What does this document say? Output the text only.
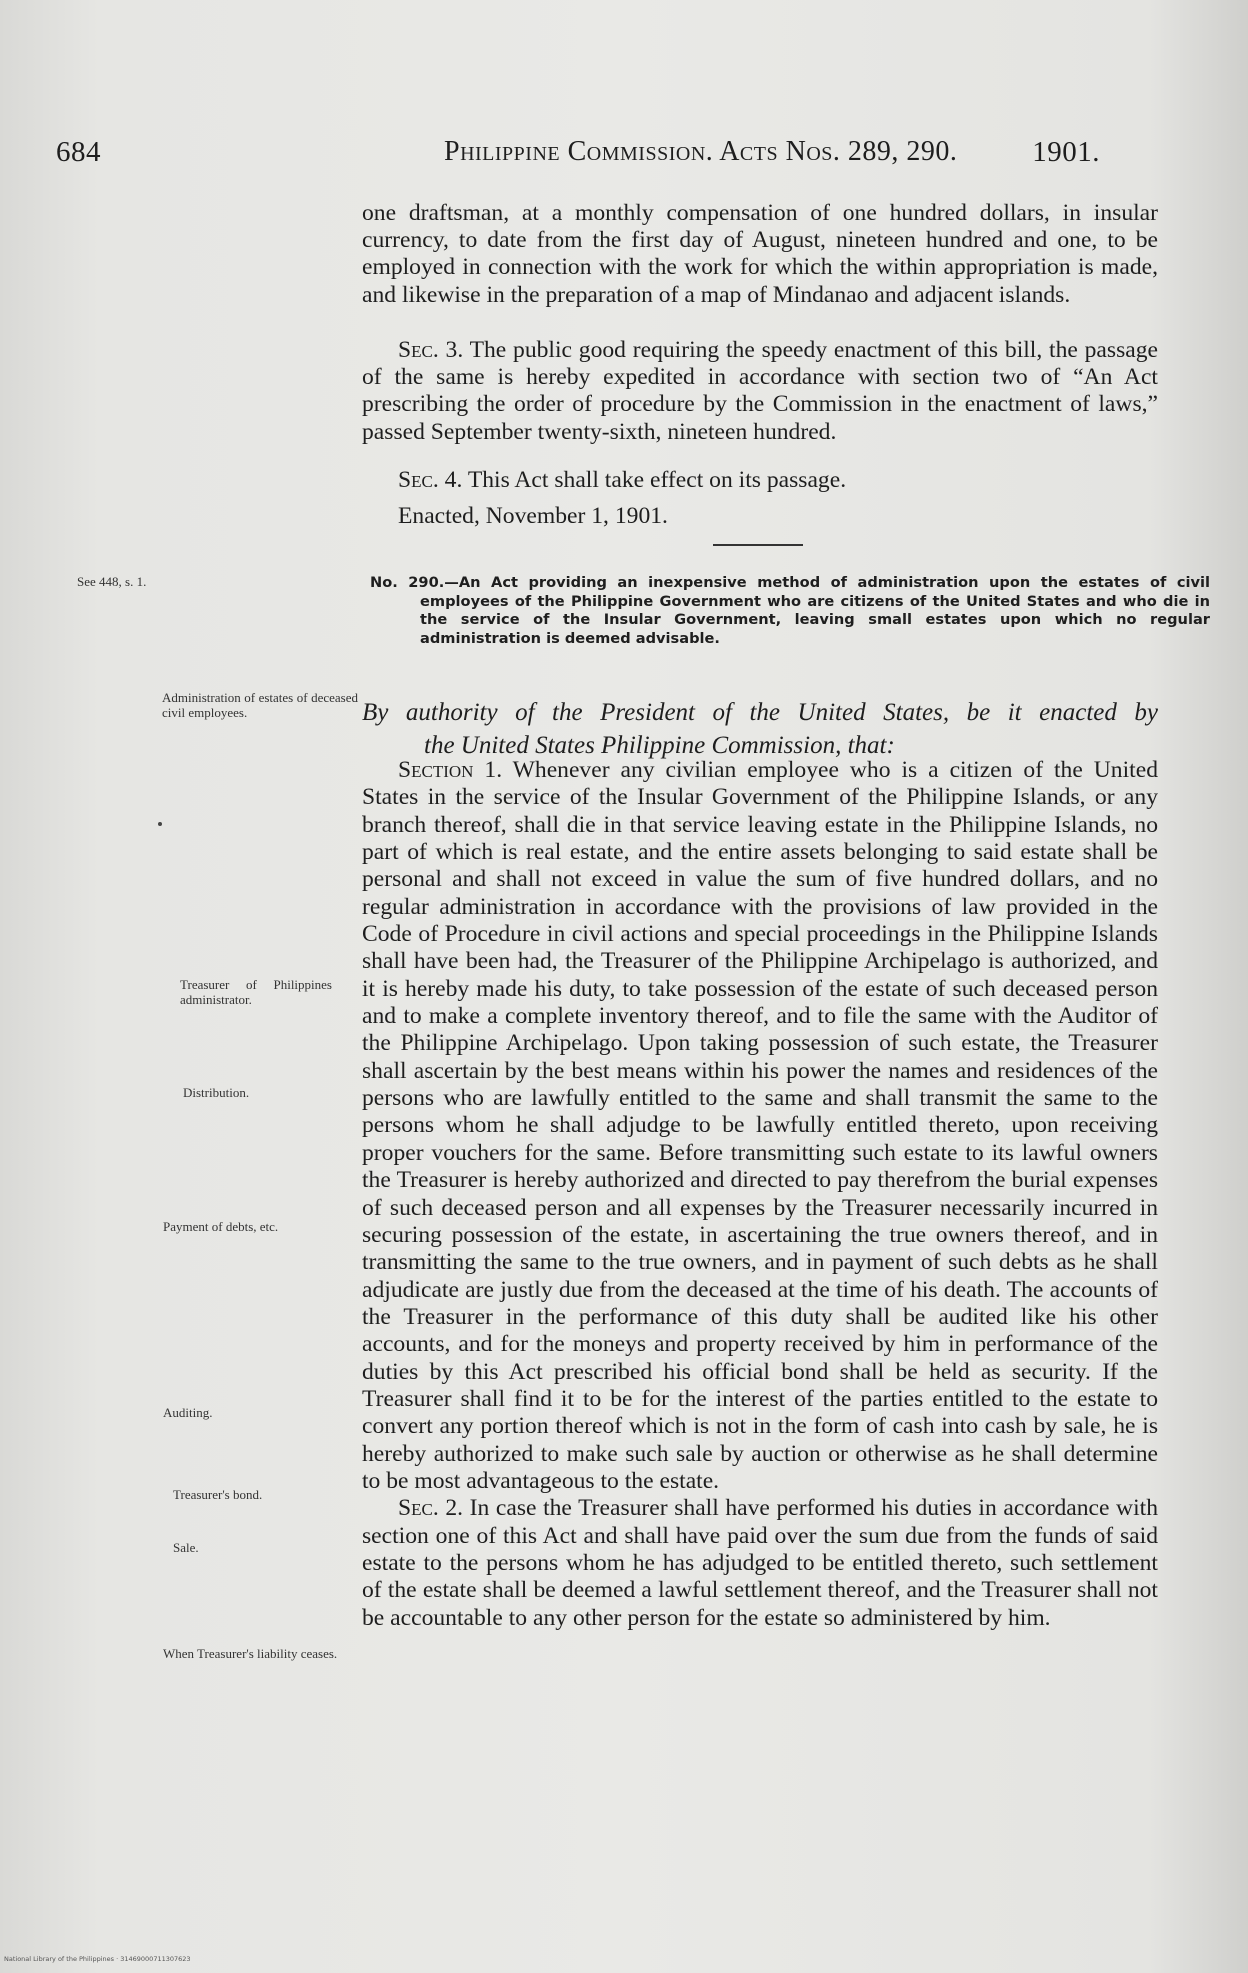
684	Philippine Commission. Acts Nos. 289, 290.	1901.

one draftsman, at a monthly compensation of one hundred dollars, in insular currency, to date from the first day of August, nineteen hundred and one, to be employed in connection with the work for which the within appropriation is made, and likewise in the preparation of a map of Mindanao and adjacent islands.

Sec. 3. The public good requiring the speedy enactment of this bill, the passage of the same is hereby expedited in accordance with section two of “An Act prescribing the order of procedure by the Commission in the enactment of laws,” passed September twenty-sixth, nineteen hundred.

Sec. 4. This Act shall take effect on its passage.
Enacted, November 1, 1901.
No. 290.—An Act providing an inexpensive method of administration upon the estates of civil employees of the Philippine Government who are citizens of the United States and who die in the service of the Insular Government, leaving small estates upon which no regular administration is deemed advisable.
By authority of the President of the United States, be it enacted by
the United States Philippine Commission, that:

Section 1. Whenever any civilian employee who is a citizen of the United States in the service of the Insular Government of the Philippine Islands, or any branch thereof, shall die in that service leaving estate in the Philippine Islands, no part of which is real estate, and the entire assets belonging to said estate shall be personal and shall not exceed in value the sum of five hundred dollars, and no regular administration in accordance with the provisions of law provided in the Code of Procedure in civil actions and special proceedings in the Philippine Islands shall have been had, the Treasurer of the Philippine Archipelago is authorized, and it is hereby made his duty, to take possession of the estate of such deceased person and to make a complete inventory thereof, and to file the same with the Auditor of the Philippine Archipelago. Upon taking possession of such estate, the Treasurer shall ascertain by the best means within his power the names and residences of the persons who are lawfully entitled to the same and shall transmit the same to the persons whom he shall adjudge to be lawfully entitled thereto, upon receiving proper vouchers for the same. Before transmitting such estate to its lawful owners the Treasurer is hereby authorized and directed to pay therefrom the burial expenses of such deceased person and all expenses by the Treasurer necessarily incurred in securing possession of the estate, in ascertaining the true owners thereof, and in transmitting the same to the true owners, and in payment of such debts as he shall adjudicate are justly due from the deceased at the time of his death. The accounts of the Treasurer in the performance of this duty shall be audited like his other accounts, and for the moneys and property received by him in performance of the duties by this Act prescribed his official bond shall be held as security. If the Treasurer shall find it to be for the interest of the parties entitled to the estate to convert any portion thereof which is not in the form of cash into cash by sale, he is hereby authorized to make such sale by auction or otherwise as he shall determine to be most advantageous to the estate.

Sec. 2. In case the Treasurer shall have performed his duties in accordance with section one of this Act and shall have paid over the sum due from the funds of said estate to the persons whom he has adjudged to be entitled thereto, such settlement of the estate shall be deemed a lawful settlement thereof, and the Treasurer shall not be accountable to any other person for the estate so administered by him.

See 448, s. 1.
Administration of estates of deceased civil employees.
Treasurer of Philippines administrator.
Distribution.
Payment of debts, etc.
Auditing.
Treasurer's bond.
Sale.
When Treasurer's liability ceases.
National Library of the Philippines · 31469000711307623
